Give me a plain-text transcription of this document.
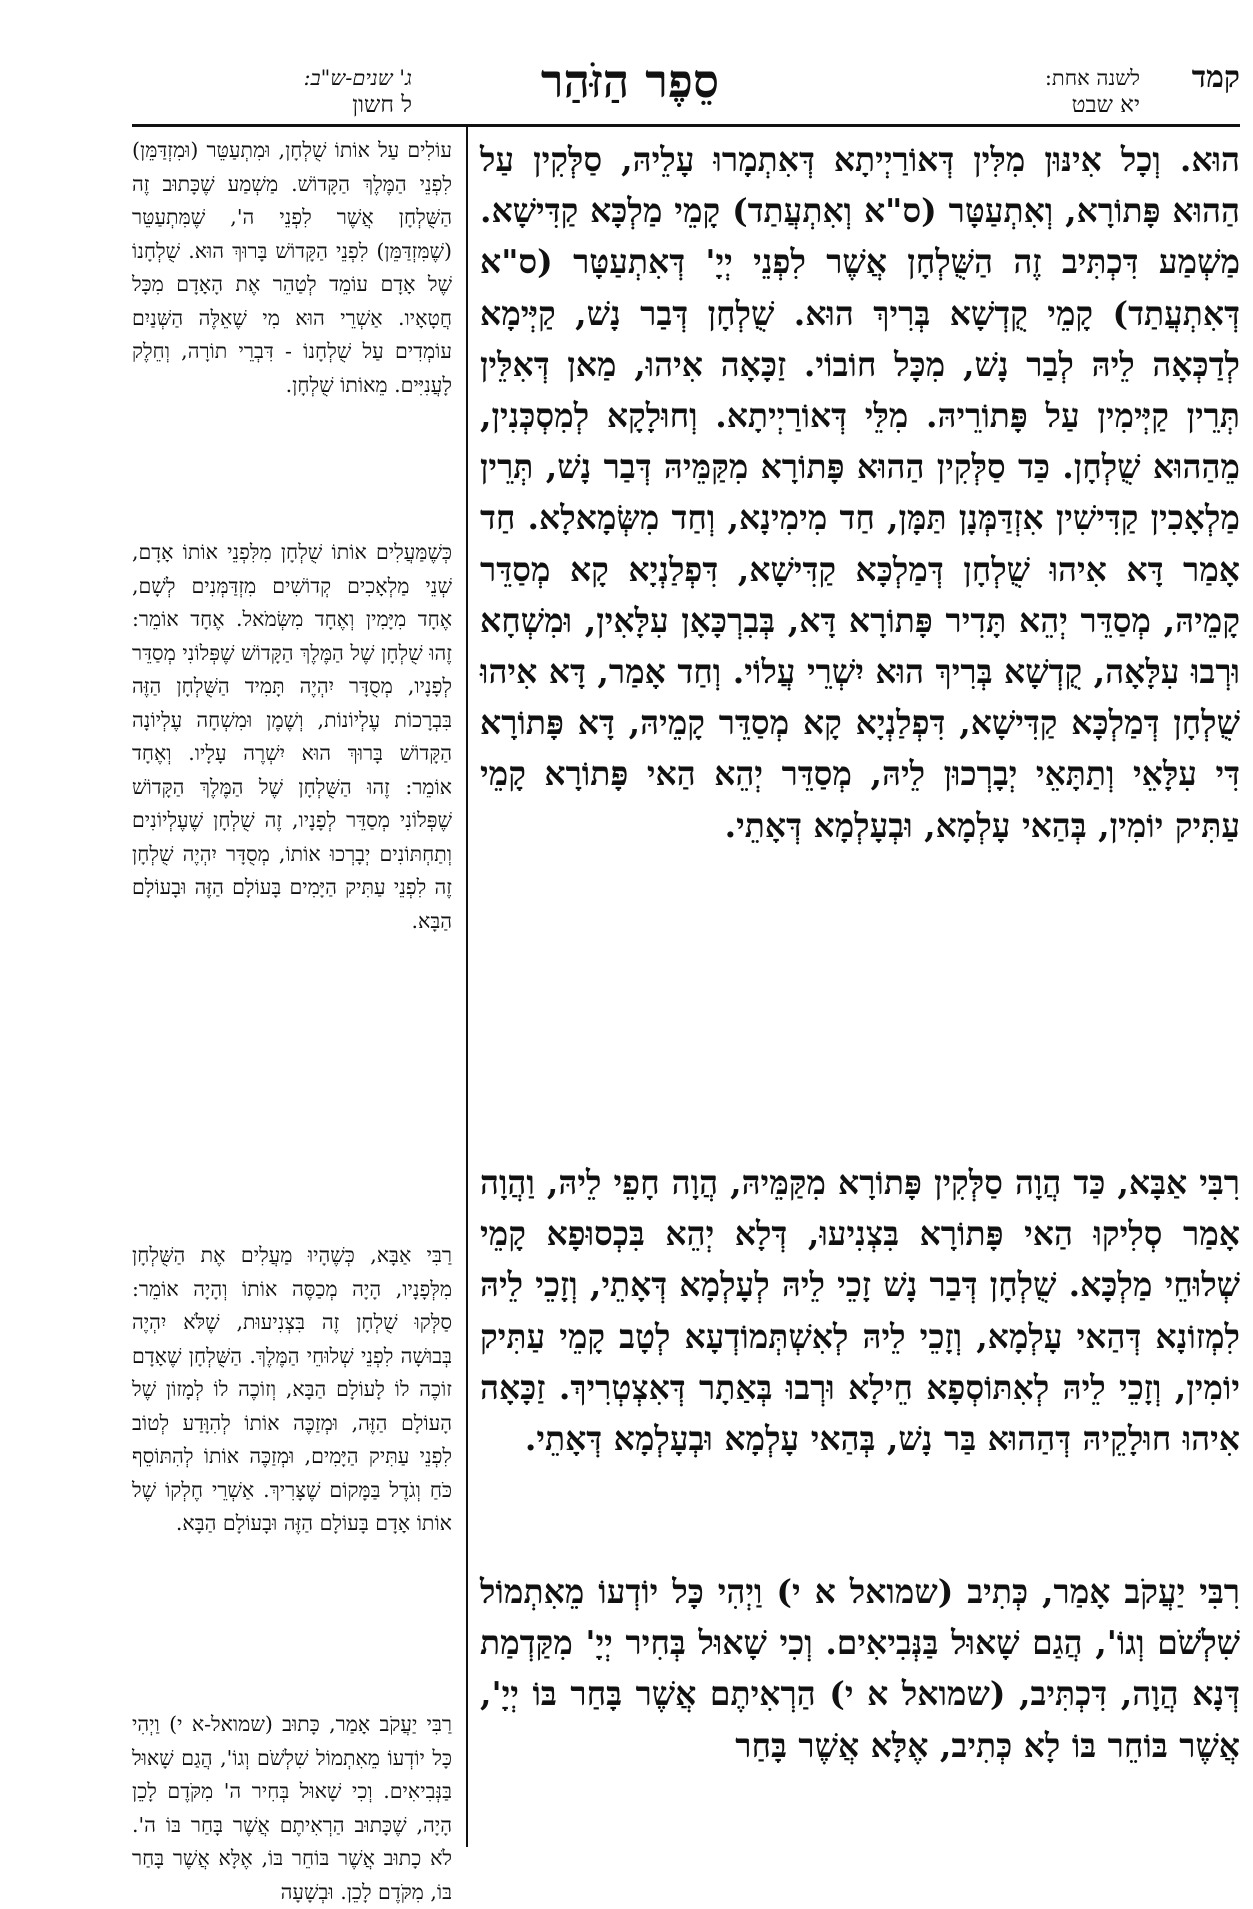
קמד
לשנה אחת:
יא שבט
סֵפֶר הַזֹּהַר
ג' שנים-ש"ב:
ל חשון

הוּא. וְכָל אִינּוּן מִלִּין דְּאוֹרַיְיתָא דְּאִתְמָרוּ עָלֵיהּ, סַלְּקִין עַל הַהוּא פָּתוֹרָא, וְאִתְעַטָּר (ס"א וְאִתְעֲתַד) קָמֵי מַלְכָּא קַדִּישָׁא. מַשְׁמַע דִּכְתִּיב זֶה הַשֻּׁלְחָן אֲשֶׁר לִפְנֵי יְיָ' דְּאִתְעַטָּר (ס"א דְּאִתְעֲתַד) קָמֵי קֻדְשָׁא בְּרִיךְ הוּא. שֻׁלְחָן דְּבַר נָשׁ, קַיְּימָא לְדַכְּאָה לֵיהּ לְבַר נָשׁ, מִכָּל חוֹבוֹי. זַכָּאָה אִיהוּ, מַאן דְּאִלֵּין תְּרֵין קַיְּימִין עַל פָּתוֹרֵיהּ. מִלֵּי דְּאוֹרַיְיתָא. וְחוּלָקָא לְמִסְכְּנִין, מֵהַהוּא שֻׁלְחָן. כַּד סַלְּקִין הַהוּא פָּתוֹרָא מִקַּמֵּיהּ דְּבַר נָשׁ, תְּרֵין מַלְאָכִין קַדִּישִׁין אִזְדַּמְּנָן תַּמָּן, חַד מִימִינָא, וְחַד מִשְּׂמָאלָא. חַד אָמַר דָּא אִיהוּ שֻׁלְחָן דְּמַלְכָּא קַדִּישָׁא, דִּפְלַנְיָא קָא מְסַדֵּר קָמֵיהּ, מְסַדֵּר יְהֵא תָּדִיר פָּתוֹרָא דָּא, בְּבִרְכָּאָן עִלָּאִין, וּמִשְׁחָא וּרְבוּ עִלָּאָה, קֻדְשָׁא בְּרִיךְ הוּא יִשְׁרֵי עֲלוֹי. וְחַד אָמַר, דָּא אִיהוּ שֻׁלְחָן דְּמַלְכָּא קַדִּישָׁא, דִּפְלַנְיָא קָא מְסַדֵּר קָמֵיהּ, דָּא פָּתוֹרָא דִּי עִלָּאֵי וְתַתָּאֵי יְבָרְכוּן לֵיהּ, מְסַדֵּר יְהֵא הַאי פָּתוֹרָא קָמֵי עַתִּיק יוֹמִין, בְּהַאי עָלְמָא, וּבְעָלְמָא דְּאָתֵי.

רִבִּי אַבָּא, כַּד הֲוָה סַלְּקִין פָּתוֹרָא מִקַּמֵּיהּ, הֲוָה חָפֵי לֵיהּ, וַהֲוָה אָמַר סְלִיקוּ הַאי פָּתוֹרָא בִּצְנִיעוּ, דְּלָא יְהֵא בִּכְסוּפָא קָמֵי שְׁלוּחֵי מַלְכָּא. שֻׁלְחָן דְּבַר נָשׁ זָכֵי לֵיהּ לְעָלְמָא דְּאָתֵי, וְזָכֵי לֵיהּ לִמְזוֹנָא דְּהַאי עָלְמָא, וְזָכֵי לֵיהּ לְאִשְׁתְּמוֹדְעָא לְטָב קָמֵי עַתִּיק יוֹמִין, וְזָכֵי לֵיהּ לְאִתּוֹסְפָא חֵילָא וּרְבוּ בְּאַתָר דְּאִצְטְרִיךְ. זַכָּאָה אִיהוּ חוּלָקֵיהּ דְּהַהוּא בַּר נָשׁ, בְּהַאי עָלְמָא וּבְעָלְמָא דְּאָתֵי.

רִבִּי יַעֲקֹב אָמַר, כְּתִיב (שמואל א י) וַיְהִי כָּל יוֹדְעוֹ מֵאִתְמוֹל שִׁלְשֹׁם וְגוֹ', הֲגַם שָׁאוּל בַּנְּבִיאִים. וְכִי שָׁאוּל בְּחִיר יְיָ' מִקַּדְמַת דְּנָא הֲוָה, דִּכְתִּיב, (שמואל א י) הַרְאִיתֶם אֲשֶׁר בָּחַר בּוֹ יְיָ', אֲשֶׁר בּוֹחֵר בּוֹ לָא כְּתִיב, אֶלָּא אֲשֶׁר בָּחַר

עוֹלִים עַל אוֹתוֹ שֻׁלְחָן, וּמִתְעַטֵּר (וּמִזְדַּמֵּן) לִפְנֵי הַמֶּלֶךְ הַקָּדוֹשׁ. מַשְׁמַע שֶׁכָּתוּב זֶה הַשֻּׁלְחָן אֲשֶׁר לִפְנֵי ה', שֶׁמִּתְעַטֵּר (שֶׁמִּזְדַּמֵּן) לִפְנֵי הַקָּדוֹשׁ בָּרוּךְ הוּא. שֻׁלְחָנוֹ שֶׁל אָדָם עוֹמֵד לְטַהֵר אֶת הָאָדָם מִכָּל חֲטָאָיו. אַשְׁרֵי הוּא מִי שֶׁאֵלֶּה הַשְּׁנַיִם עוֹמְדִים עַל שֻׁלְחָנוֹ - דִּבְרֵי תוֹרָה, וְחֵלֶק לָעֲנִיִּים. מֵאוֹתוֹ שֻׁלְחָן.

כְּשֶׁמַּעֲלִים אוֹתוֹ שֻׁלְחָן מִלִּפְנֵי אוֹתוֹ אָדָם, שְׁנֵי מַלְאָכִים קְדוֹשִׁים מִזְדַּמְּנִים לְשָׁם, אֶחָד מִיָּמִין וְאֶחָד מִשְּׂמֹאל. אֶחָד אוֹמֵר: זֶהוּ שֻׁלְחָן שֶׁל הַמֶּלֶךְ הַקָּדוֹשׁ שֶׁפְּלוֹנִי מְסַדֵּר לְפָנָיו, מְסֻדָּר יִהְיֶה תָּמִיד הַשֻּׁלְחָן הַזֶּה בִּבְרָכוֹת עֶלְיוֹנוֹת, וְשֶׁמֶן וּמִשְׁחָה עֶלְיוֹנָה הַקָּדוֹשׁ בָּרוּךְ הוּא יִשְׁרֶה עָלָיו. וְאֶחָד אוֹמֵר: זֶהוּ הַשֻּׁלְחָן שֶׁל הַמֶּלֶךְ הַקָּדוֹשׁ שֶׁפְּלוֹנִי מְסַדֵּר לְפָנָיו, זֶה שֻׁלְחָן שֶׁעֶלְיוֹנִים וְתַחְתּוֹנִים יְבָרְכוּ אוֹתוֹ, מְסֻדָּר יִהְיֶה שֻׁלְחָן זֶה לִפְנֵי עַתִּיק הַיָּמִים בָּעוֹלָם הַזֶּה וּבָעוֹלָם הַבָּא.

רַבִּי אַבָּא, כְּשֶׁהָיוּ מַעֲלִים אֶת הַשֻּׁלְחָן מִלְּפָנָיו, הָיָה מְכַסֶּה אוֹתוֹ וְהָיָה אוֹמֵר: סַלְּקוּ שֻׁלְחָן זֶה בִּצְנִיעוּת, שֶׁלֹּא יִהְיֶה בְּבוּשָׁה לִפְנֵי שְׁלוּחֵי הַמֶּלֶךְ. הַשֻּׁלְחָן שֶׁאָדָם זוֹכֶה לוֹ לָעוֹלָם הַבָּא, וְזוֹכֶה לוֹ לְמָזוֹן שֶׁל הָעוֹלָם הַזֶּה, וּמְזַכֶּה אוֹתוֹ לְהִוָּדַע לְטוֹב לִפְנֵי עַתִּיק הַיָּמִים, וּמְזַכֶּה אוֹתוֹ לְהִתּוֹסֵף כֹּחַ וְגֹדֶל בַּמָּקוֹם שֶׁצָּרִיךְ. אַשְׁרֵי חֶלְקוֹ שֶׁל אוֹתוֹ אָדָם בָּעוֹלָם הַזֶּה וּבָעוֹלָם הַבָּא.

רַבִּי יַעֲקֹב אָמַר, כָּתוּב (שמואל-א י) וַיְהִי כָּל יוֹדְעוֹ מֵאִתְמוֹל שִׁלְשֹׁם וְגוֹ', הֲגַם שָׁאוּל בַּנְּבִיאִים. וְכִי שָׁאוּל בְּחִיר ה' מִקֹּדֶם לָכֵן הָיָה, שֶׁכָּתוּב הַרְאִיתֶם אֲשֶׁר בָּחַר בּוֹ ה'. לֹא כָתוּב אֲשֶׁר בּוֹחֵר בּוֹ, אֶלָּא אֲשֶׁר בָּחַר בּוֹ, מִקֹּדֶם לָכֵן. וּבְשָׁעָה
